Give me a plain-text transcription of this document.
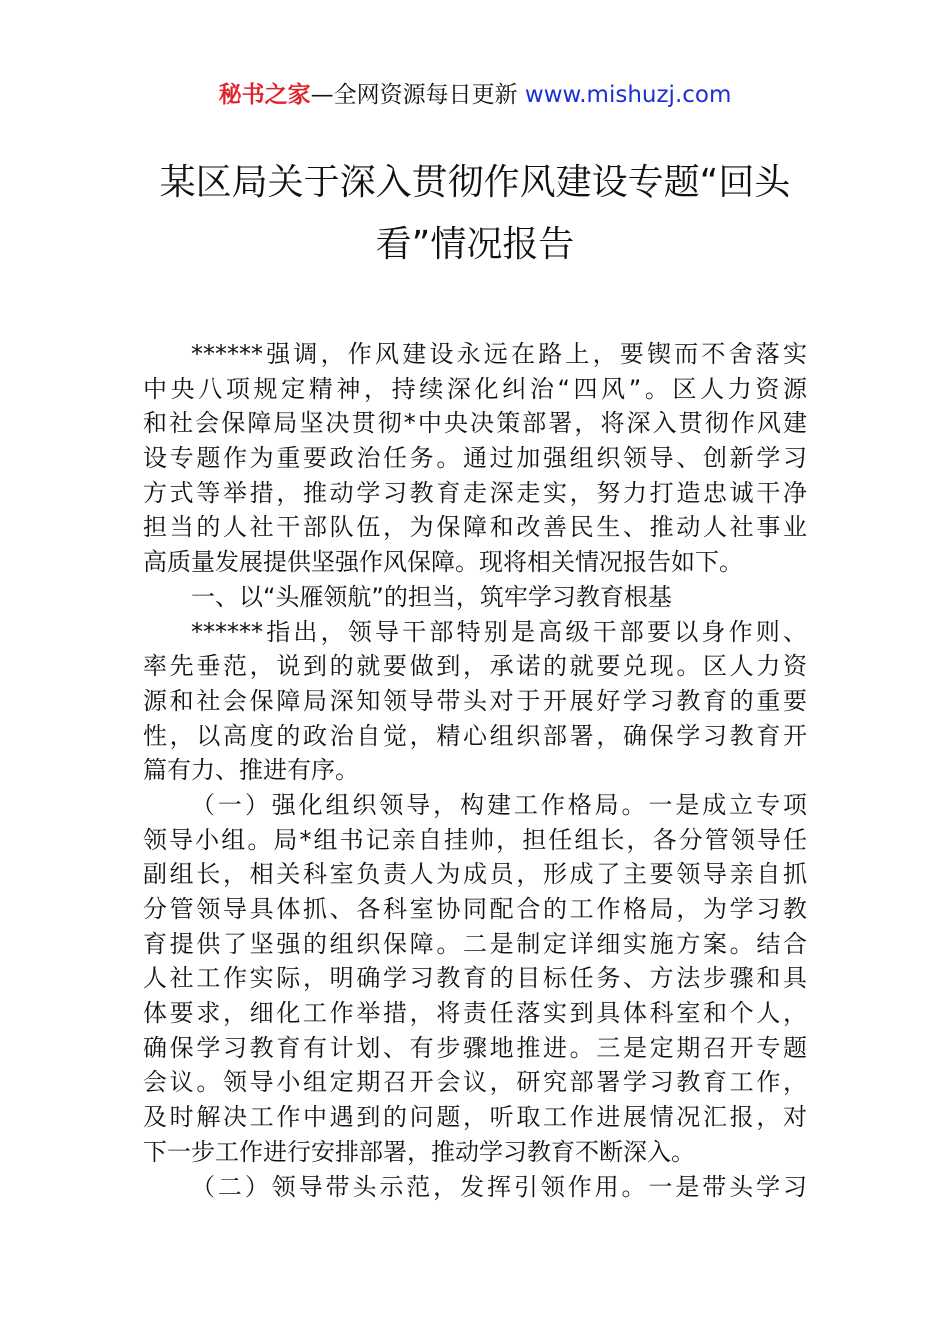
秘书之家—全网资源每日更新 www.mishuzj.com
某区局关于深入贯彻作风建设专题“回头
看”情况报告
******强调，作风建设永远在路上，要锲而不舍落实
中央八项规定精神，持续深化纠治“四风”。区人力资源
和社会保障局坚决贯彻*中央决策部署，将深入贯彻作风建
设专题作为重要政治任务。通过加强组织领导、创新学习
方式等举措，推动学习教育走深走实，努力打造忠诚干净
担当的人社干部队伍，为保障和改善民生、推动人社事业
高质量发展提供坚强作风保障。现将相关情况报告如下。
一、以“头雁领航”的担当，筑牢学习教育根基
******指出，领导干部特别是高级干部要以身作则、
率先垂范，说到的就要做到，承诺的就要兑现。区人力资
源和社会保障局深知领导带头对于开展好学习教育的重要
性，以高度的政治自觉，精心组织部署，确保学习教育开
篇有力、推进有序。
（一）强化组织领导，构建工作格局。一是成立专项
领导小组。局*组书记亲自挂帅，担任组长，各分管领导任
副组长，相关科室负责人为成员，形成了主要领导亲自抓
分管领导具体抓、各科室协同配合的工作格局，为学习教
育提供了坚强的组织保障。二是制定详细实施方案。结合
人社工作实际，明确学习教育的目标任务、方法步骤和具
体要求，细化工作举措，将责任落实到具体科室和个人，
确保学习教育有计划、有步骤地推进。三是定期召开专题
会议。领导小组定期召开会议，研究部署学习教育工作，
及时解决工作中遇到的问题，听取工作进展情况汇报，对
下一步工作进行安排部署，推动学习教育不断深入。
（二）领导带头示范，发挥引领作用。一是带头学习
